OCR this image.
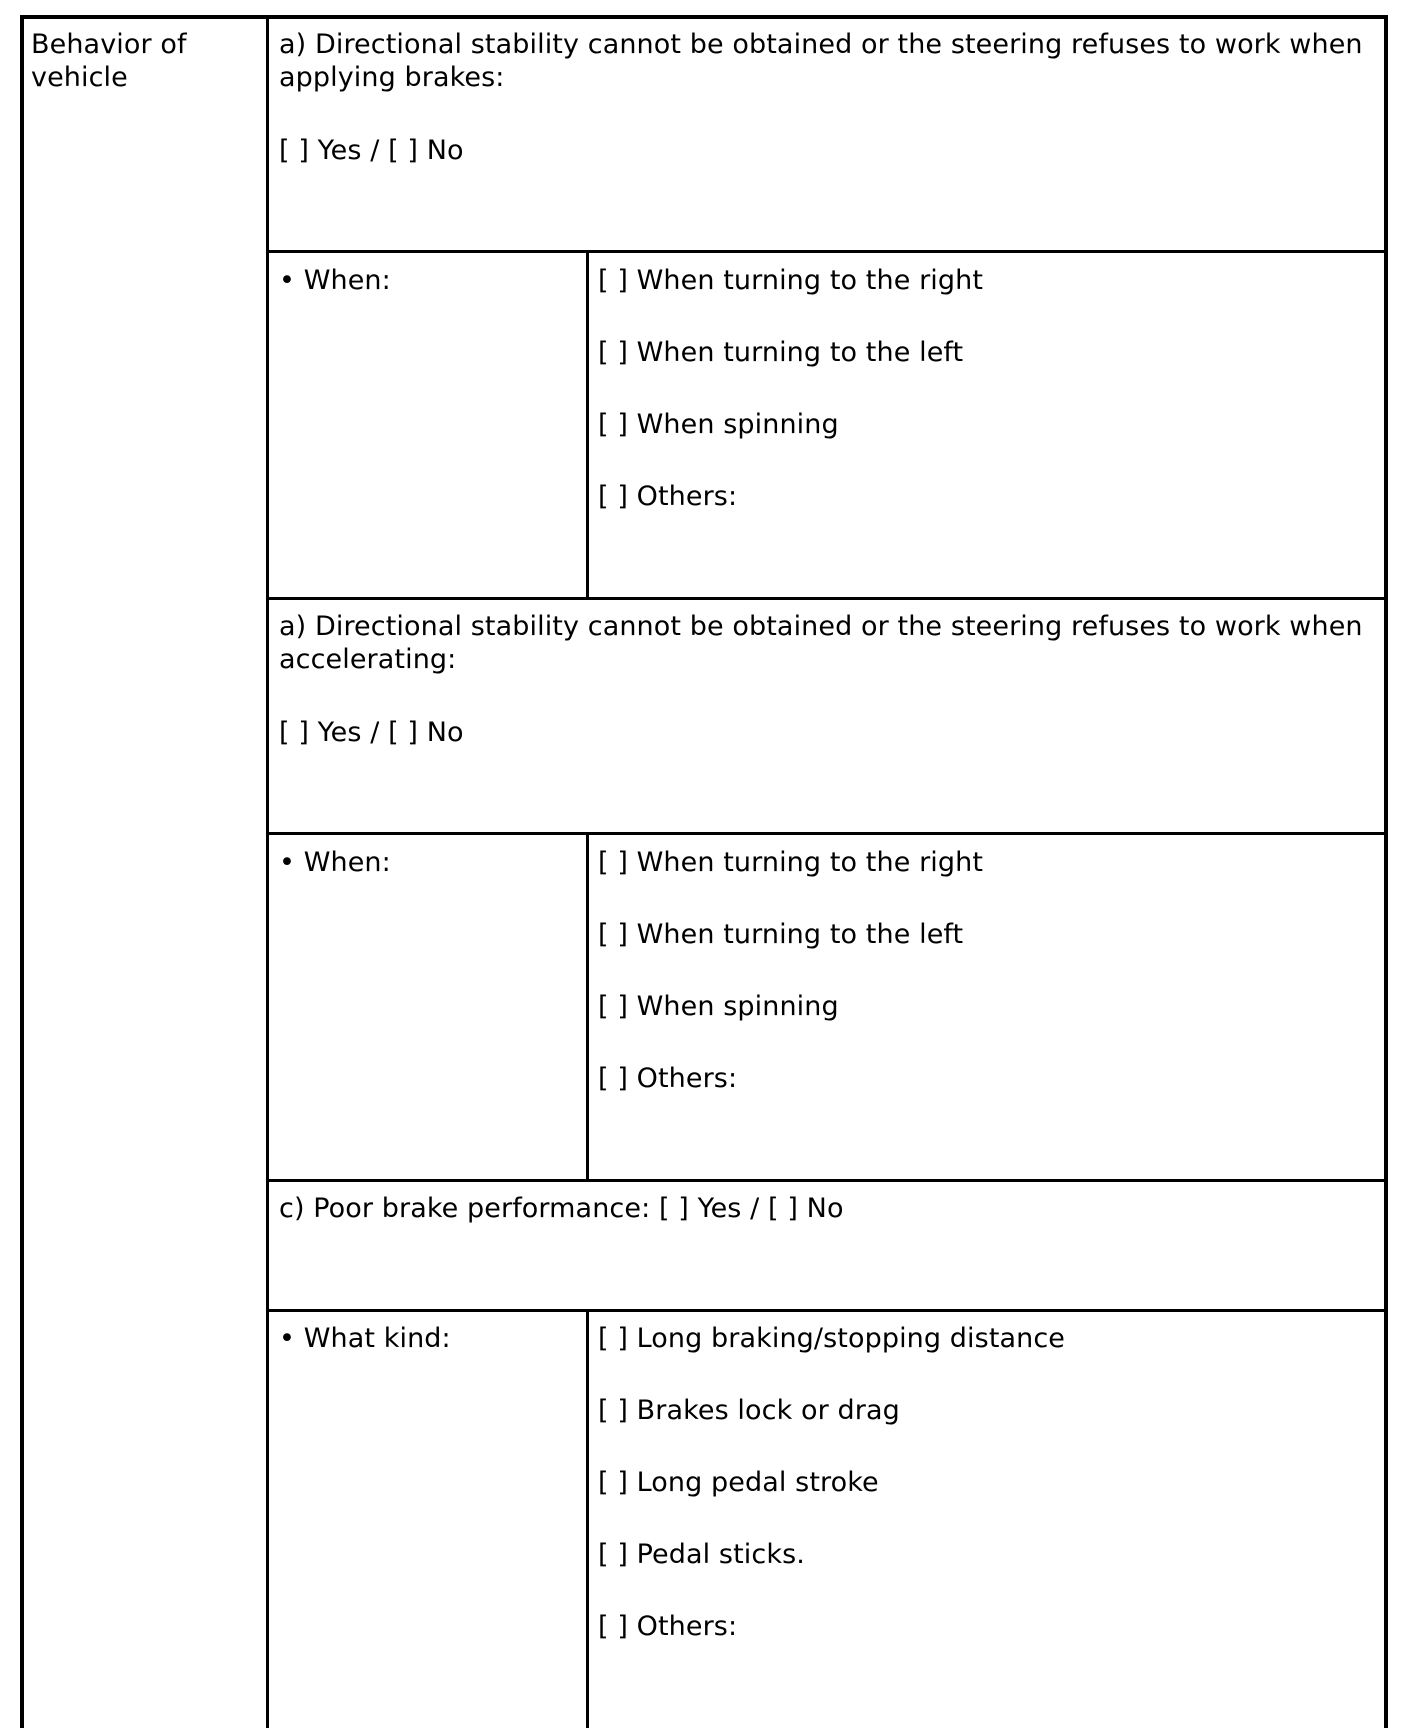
Behavior of vehicle
a) Directional stability cannot be obtained or the steering refuses to work when applying brakes:
[ ] Yes / [ ] No
• When:	[ ] When turning to the right
[ ] When turning to the left
[ ] When spinning
[ ] Others:
a) Directional stability cannot be obtained or the steering refuses to work when accelerating:
[ ] Yes / [ ] No
• When:	[ ] When turning to the right
[ ] When turning to the left
[ ] When spinning
[ ] Others:
c) Poor brake performance: [ ] Yes / [ ] No
• What kind:	[ ] Long braking/stopping distance
[ ] Brakes lock or drag
[ ] Long pedal stroke
[ ] Pedal sticks.
[ ] Others:
